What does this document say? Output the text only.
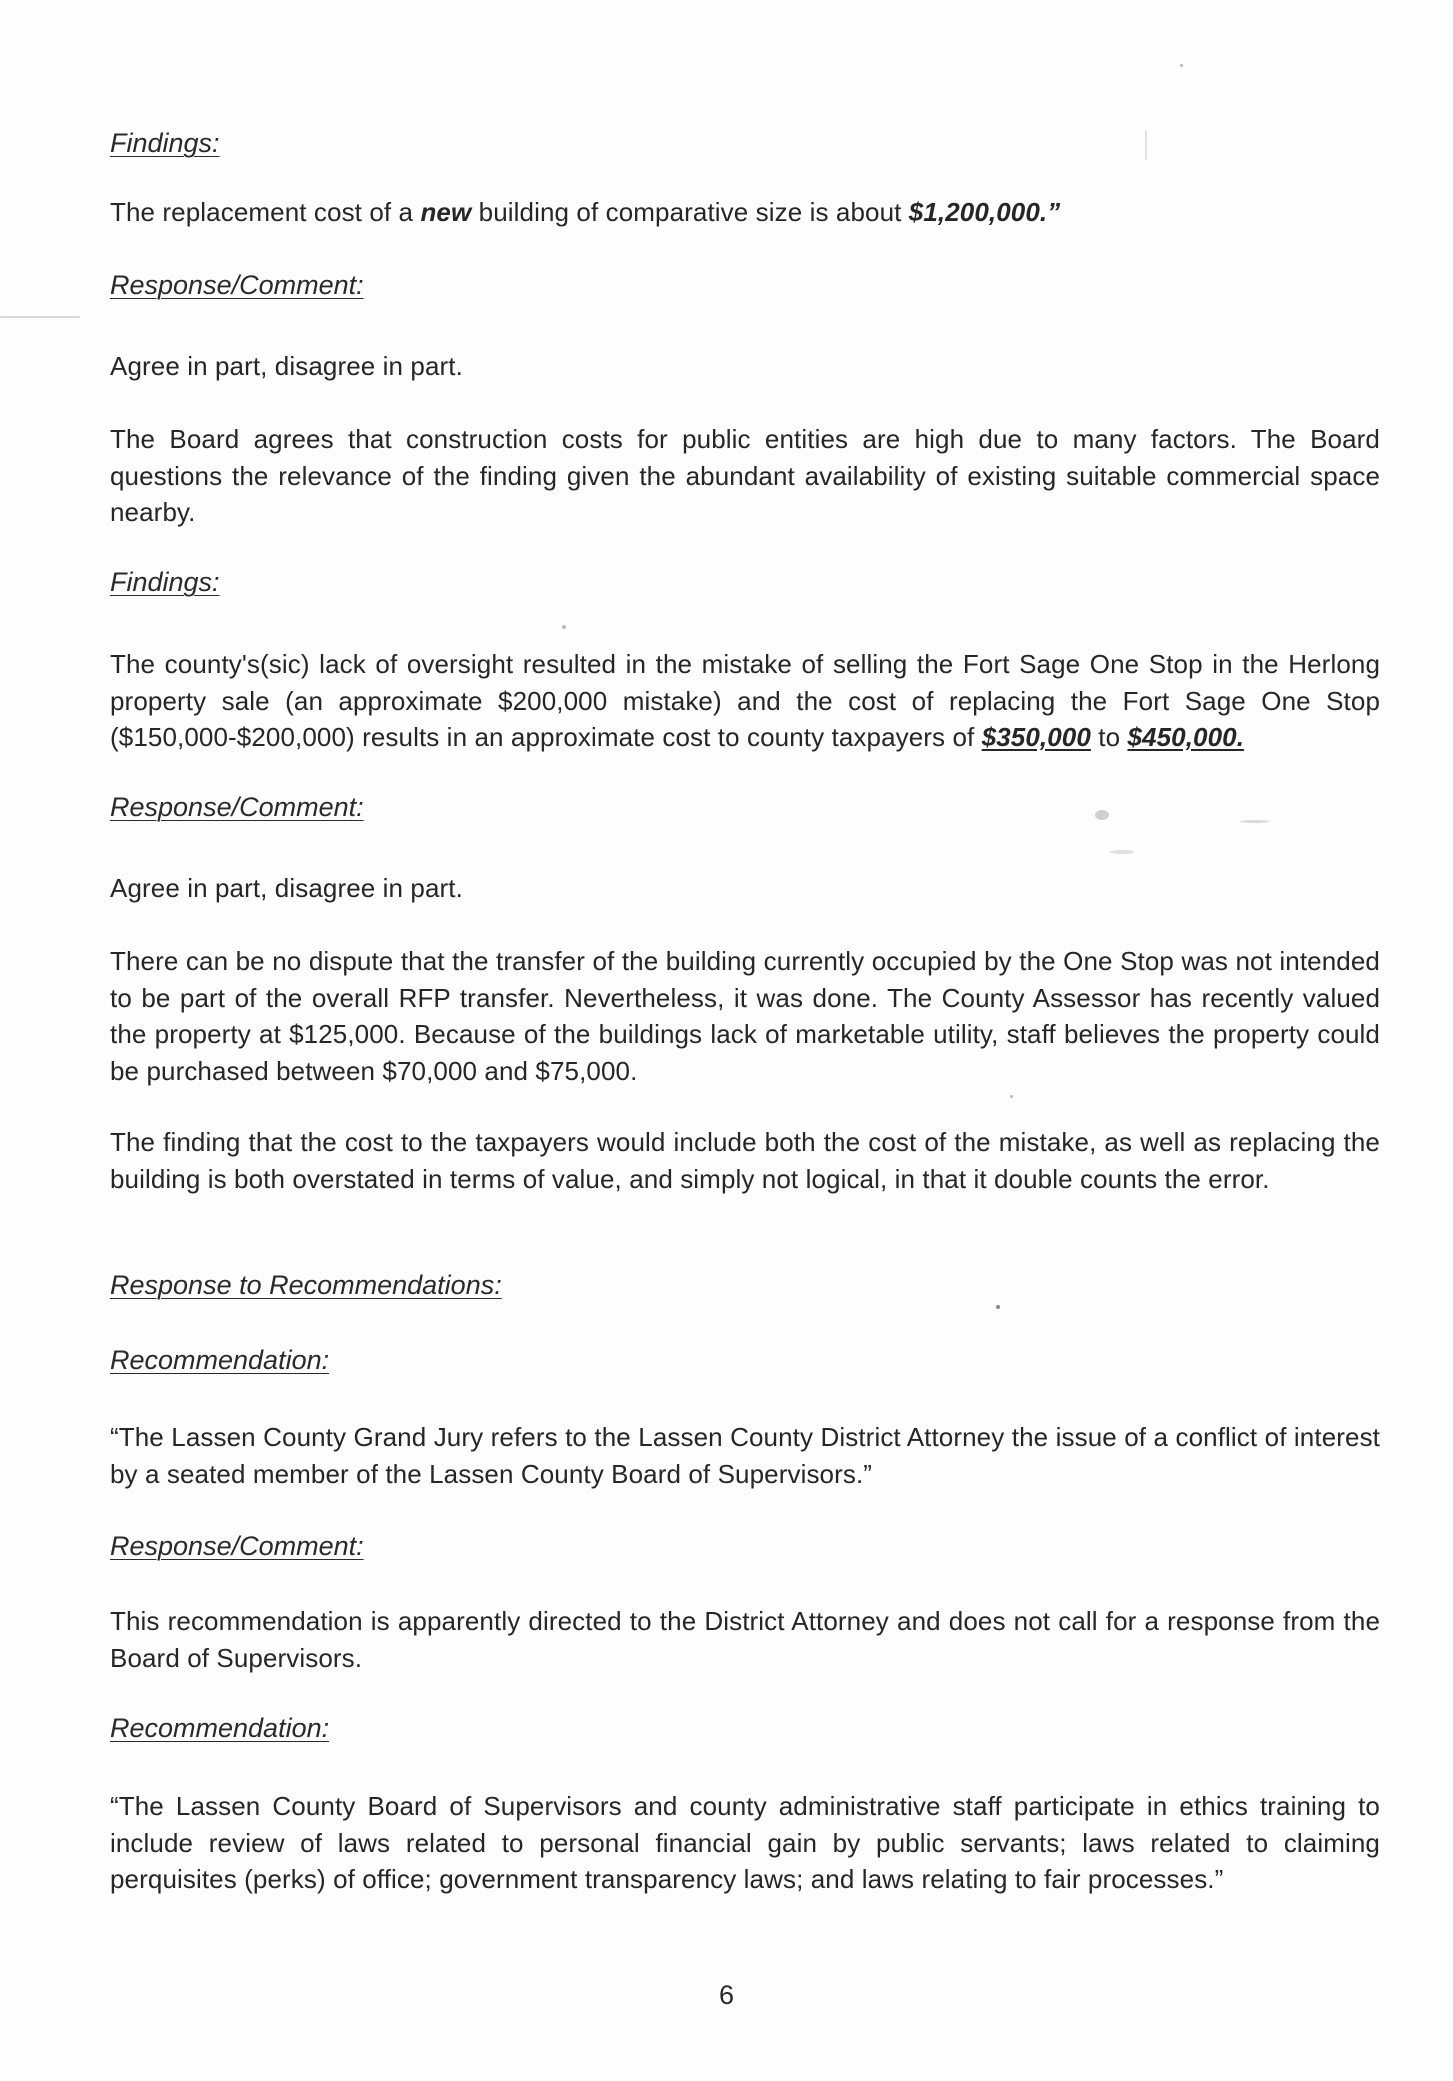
Findings:
The replacement cost of a new building of comparative size is about $1,200,000.”
Response/Comment:
Agree in part, disagree in part.
The Board agrees that construction costs for public entities are high due to many factors. The Board questions the relevance of the finding given the abundant availability of existing suitable commercial space nearby.
Findings:
The county's(sic) lack of oversight resulted in the mistake of selling the Fort Sage One Stop in the Herlong property sale (an approximate $200,000 mistake) and the cost of replacing the Fort Sage One Stop ($150,000-$200,000) results in an approximate cost to county taxpayers of $350,000 to $450,000.
Response/Comment:
Agree in part, disagree in part.
There can be no dispute that the transfer of the building currently occupied by the One Stop was not intended to be part of the overall RFP transfer. Nevertheless, it was done. The County Assessor has recently valued the property at $125,000. Because of the buildings lack of marketable utility, staff believes the property could be purchased between $70,000 and $75,000.
The finding that the cost to the taxpayers would include both the cost of the mistake, as well as replacing the building is both overstated in terms of value, and simply not logical, in that it double counts the error.
Response to Recommendations:
Recommendation:
“The Lassen County Grand Jury refers to the Lassen County District Attorney the issue of a conflict of interest by a seated member of the Lassen County Board of Supervisors.”
Response/Comment:
This recommendation is apparently directed to the District Attorney and does not call for a response from the Board of Supervisors.
Recommendation:
“The Lassen County Board of Supervisors and county administrative staff participate in ethics training to include review of laws related to personal financial gain by public servants; laws related to claiming perquisites (perks) of office; government transparency laws; and laws relating to fair processes.”
6
